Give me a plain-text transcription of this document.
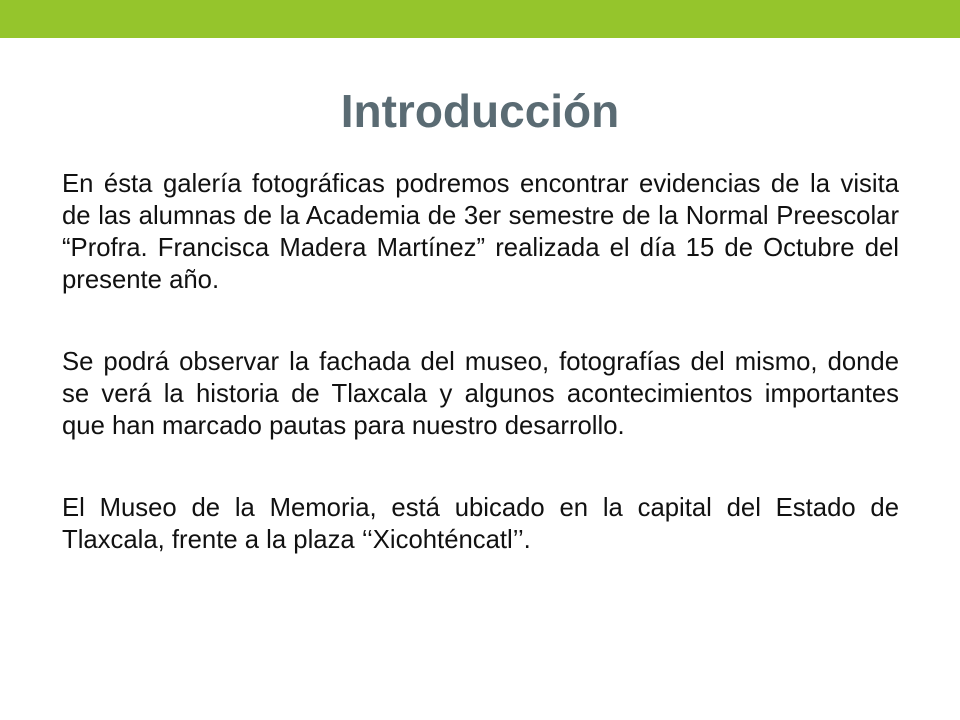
Introducción

En ésta galería fotográficas podremos encontrar evidencias de la visita de las alumnas de la Academia de 3er semestre de la Normal Preescolar “Profra. Francisca Madera Martínez” realizada el día 15 de Octubre del presente año.

Se podrá observar la fachada del museo, fotografías del mismo, donde se verá la historia de Tlaxcala y algunos acontecimientos importantes que han marcado pautas para nuestro desarrollo.

El Museo de la Memoria, está ubicado en la capital del Estado de Tlaxcala, frente a la plaza ‘‘Xicohténcatl’’.
